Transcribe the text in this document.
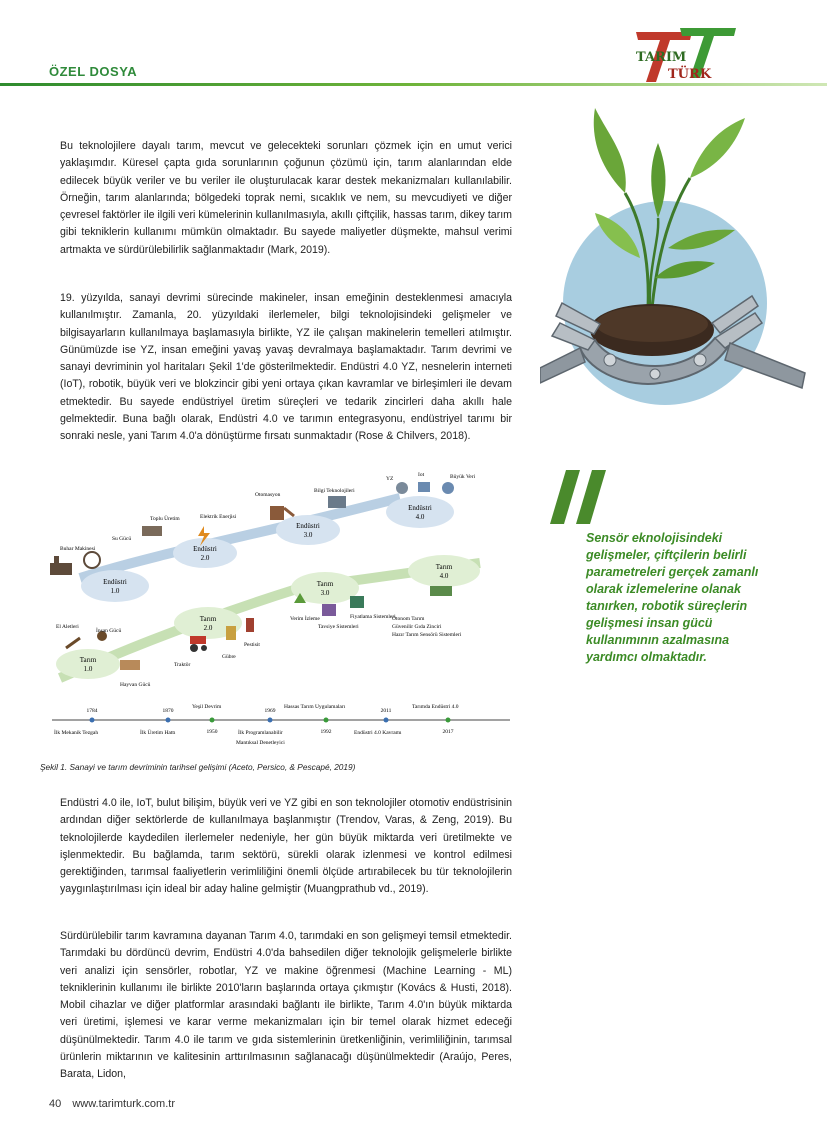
ÖZEL DOSYA
TARIM
TÜRK

Bu teknolojilere dayalı tarım, mevcut ve gelecekteki sorunları çözmek için en umut verici yaklaşımdır. Küresel çapta gıda sorunlarının çoğunun çözümü için, tarım alanlarından elde edilecek büyük veriler ve bu veriler ile oluşturulacak karar destek mekanizmaları kullanılabilir. Örneğin, tarım alanlarında; bölgedeki toprak nemi, sıcaklık ve nem, su mevcudiyeti ve diğer çevresel faktörler ile ilgili veri kümelerinin kullanılmasıyla, akıllı çiftçilik, hassas tarım, dikey tarım gibi tekniklerin kullanımı mümkün olmaktadır. Bu sayede maliyetler düşmekte, mahsul verimi artmakta ve sürdürülebilirlik sağlanmaktadır (Mark, 2019).

19. yüzyılda, sanayi devrimi sürecinde makineler, insan emeğinin desteklenmesi amacıyla kullanılmıştır. Zamanla, 20. yüzyıldaki ilerlemeler, bilgi teknolojisindeki gelişmeler ve bilgisayarların kullanılmaya başlamasıyla birlikte, YZ ile çalışan makinelerin temelleri atılmıştır. Günümüzde ise YZ, insan emeğini yavaş yavaş devralmaya başlamaktadır. Tarım devrimi ve sanayi devriminin yol haritaları Şekil 1'de gösterilmektedir. Endüstri 4.0 YZ, nesnelerin interneti (IoT), robotik, büyük veri ve blokzincir gibi yeni ortaya çıkan kavramlar ve birleşimleri ile devam etmektedir. Bu sayede endüstriyel üretim süreçleri ve tedarik zincirleri daha akıllı hale gelmektedir. Buna bağlı olarak, Endüstri 4.0 ve tarımın entegrasyonu, endüstriyel tarımı bir sonraki nesle, yani Tarım 4.0'a dönüştürme fırsatı sunmaktadır (Rose & Chilvers, 2018).

Endüstri 4.0 ile, IoT, bulut bilişim, büyük veri ve YZ gibi en son teknolojiler otomotiv endüstrisinin ardından diğer sektörlerde de kullanılmaya başlanmıştır (Trendov, Varas, & Zeng, 2019). Bu teknolojilerde kaydedilen ilerlemeler nedeniyle, her gün büyük miktarda veri üretilmekte ve işlenmektedir. Bu bağlamda, tarım sektörü, sürekli olarak izlenmesi ve kontrol edilmesi gerektiğinden, tarımsal faaliyetlerin verimliliğini önemli ölçüde artırabilecek bu tür teknolojilerin yaygınlaştırılması için ideal bir aday haline gelmiştir (Muangprathub vd., 2019).

Sürdürülebilir tarım kavramına dayanan Tarım 4.0, tarımdaki en son gelişmeyi temsil etmektedir. Tarımdaki bu dördüncü devrim, Endüstri 4.0'da bahsedilen diğer teknolojik gelişmelerle birlikte veri analizi için sensörler, robotlar, YZ ve makine öğrenmesi (Machine Learning - ML) tekniklerinin kullanımı ile birlikte 2010'ların başlarında ortaya çıkmıştır (Kovács & Husti, 2018). Mobil cihazlar ve diğer platformlar arasındaki bağlantı ile birlikte, Tarım 4.0'ın büyük miktarda veri üretimi, işlemesi ve karar verme mekanizmaları için bir temel olarak hizmet edeceği düşünülmektedir. Tarım 4.0 ile tarım ve gıda sistemlerinin üretkenliğinin, verimliliğinin, tarımsal ürünlerin miktarının ve kalitesinin arttırılmasının sağlanacağı düşünülmektedir (Araújo, Peres, Barata, Lidon,

Sensör eknolojisindeki gelişmeler, çiftçilerin belirli parametreleri gerçek zamanlı olarak izlemelerine olanak tanırken, robotik süreçlerin gelişmesi insan gücü kullanımının azalmasına yardımcı olmaktadır.

Endüstri
1.0
Endüstri
2.0
Endüstri
3.0
Endüstri
4.0
Tarım
1.0
Tarım
2.0
Tarım
3.0
Tarım
4.0
Buhar Makinesi
Su Gücü
Toplu Üretim	Elektrik Enerjisi
Otomasyon
Bilgi Teknolojileri
YZ
Iot	Büyük Veri
El Aletleri
İnsan Gücü
Hayvan Gücü
Traktör
Gübre
Pestisit
Verim İzleme
Tavsiye Sistemleri
Fiyatlama Sistemleri
Otonom Tarım
Güvenilir Gıda Zinciri
Hazır Tarım Sensörü Sistemleri
1784	1870
1950
1969
1992
2011
2017
İlk Mekanik Tezgah	İlk Üretim Hattı
Yeşil Devrim
İlk Programlanabilir
Mantıksal Denetleyici
Hassas Tarım Uygulamaları
Endüstri 4.0 Kavramı
Tarımda Endüstri 4.0
Şekil 1. Sanayi ve tarım devriminin tarihsel gelişimi (Aceto, Persico, & Pescapé, 2019)
40 www.tarimturk.com.tr
